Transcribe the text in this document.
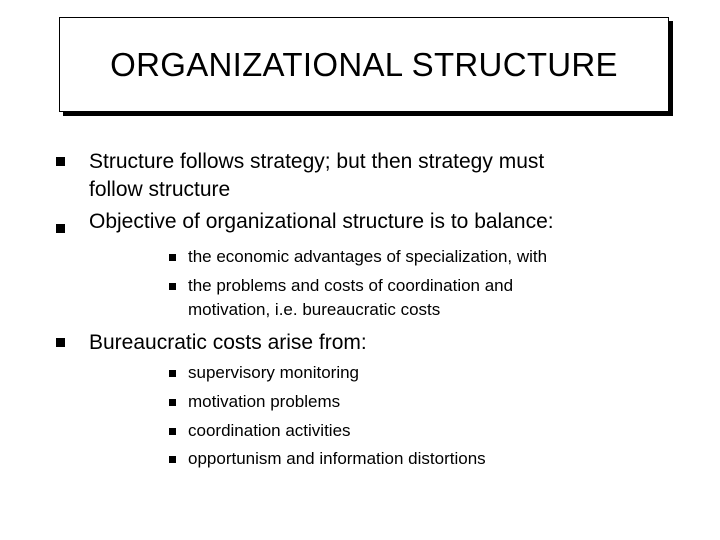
ORGANIZATIONAL STRUCTURE
Structure follows strategy; but then strategy must
follow structure
Objective of organizational structure is to balance:
the economic advantages of specialization, with
the problems and costs of coordination and
motivation, i.e. bureaucratic costs
Bureaucratic costs arise from:
supervisory monitoring
motivation problems
coordination activities
opportunism and information distortions
